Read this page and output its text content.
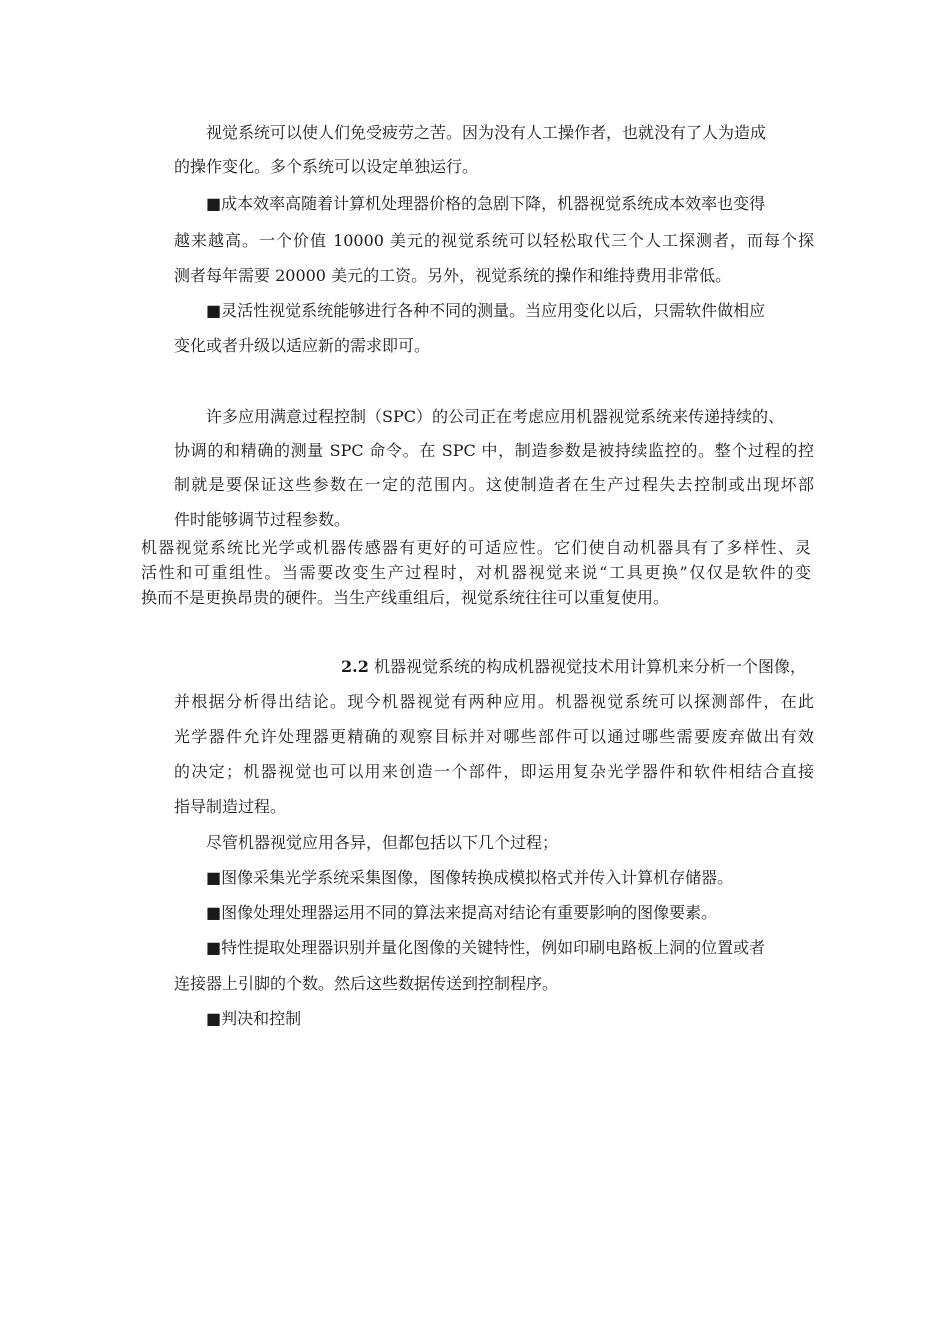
视觉系统可以使人们免受疲劳之苦。因为没有人工操作者，也就没有了人为造成

的操作变化。多个系统可以设定单独运行。

■成本效率高随着计算机处理器价格的急剧下降，机器视觉系统成本效率也变得

越来越高。一个价值 10000 美元的视觉系统可以轻松取代三个人工探测者，而每个探

测者每年需要 20000 美元的工资。另外，视觉系统的操作和维持费用非常低。

■灵活性视觉系统能够进行各种不同的测量。当应用变化以后，只需软件做相应

变化或者升级以适应新的需求即可。

许多应用满意过程控制（SPC）的公司正在考虑应用机器视觉系统来传递持续的、

协调的和精确的测量 SPC 命令。在 SPC 中，制造参数是被持续监控的。整个过程的控

制就是要保证这些参数在一定的范围内。这使制造者在生产过程失去控制或出现坏部

件时能够调节过程参数。

机器视觉系统比光学或机器传感器有更好的可适应性。它们使自动机器具有了多样性、灵

活性和可重组性。当需要改变生产过程时，对机器视觉来说“工具更换”仅仅是软件的变

换而不是更换昂贵的硬件。当生产线重组后，视觉系统往往可以重复使用。

2.2 机器视觉系统的构成机器视觉技术用计算机来分析一个图像，

并根据分析得出结论。现今机器视觉有两种应用。机器视觉系统可以探测部件，在此

光学器件允许处理器更精确的观察目标并对哪些部件可以通过哪些需要废弃做出有效

的决定；机器视觉也可以用来创造一个部件，即运用复杂光学器件和软件相结合直接

指导制造过程。

尽管机器视觉应用各异，但都包括以下几个过程；

■图像采集光学系统采集图像，图像转换成模拟格式并传入计算机存储器。

■图像处理处理器运用不同的算法来提高对结论有重要影响的图像要素。

■特性提取处理器识别并量化图像的关键特性，例如印刷电路板上洞的位置或者

连接器上引脚的个数。然后这些数据传送到控制程序。

■判决和控制
